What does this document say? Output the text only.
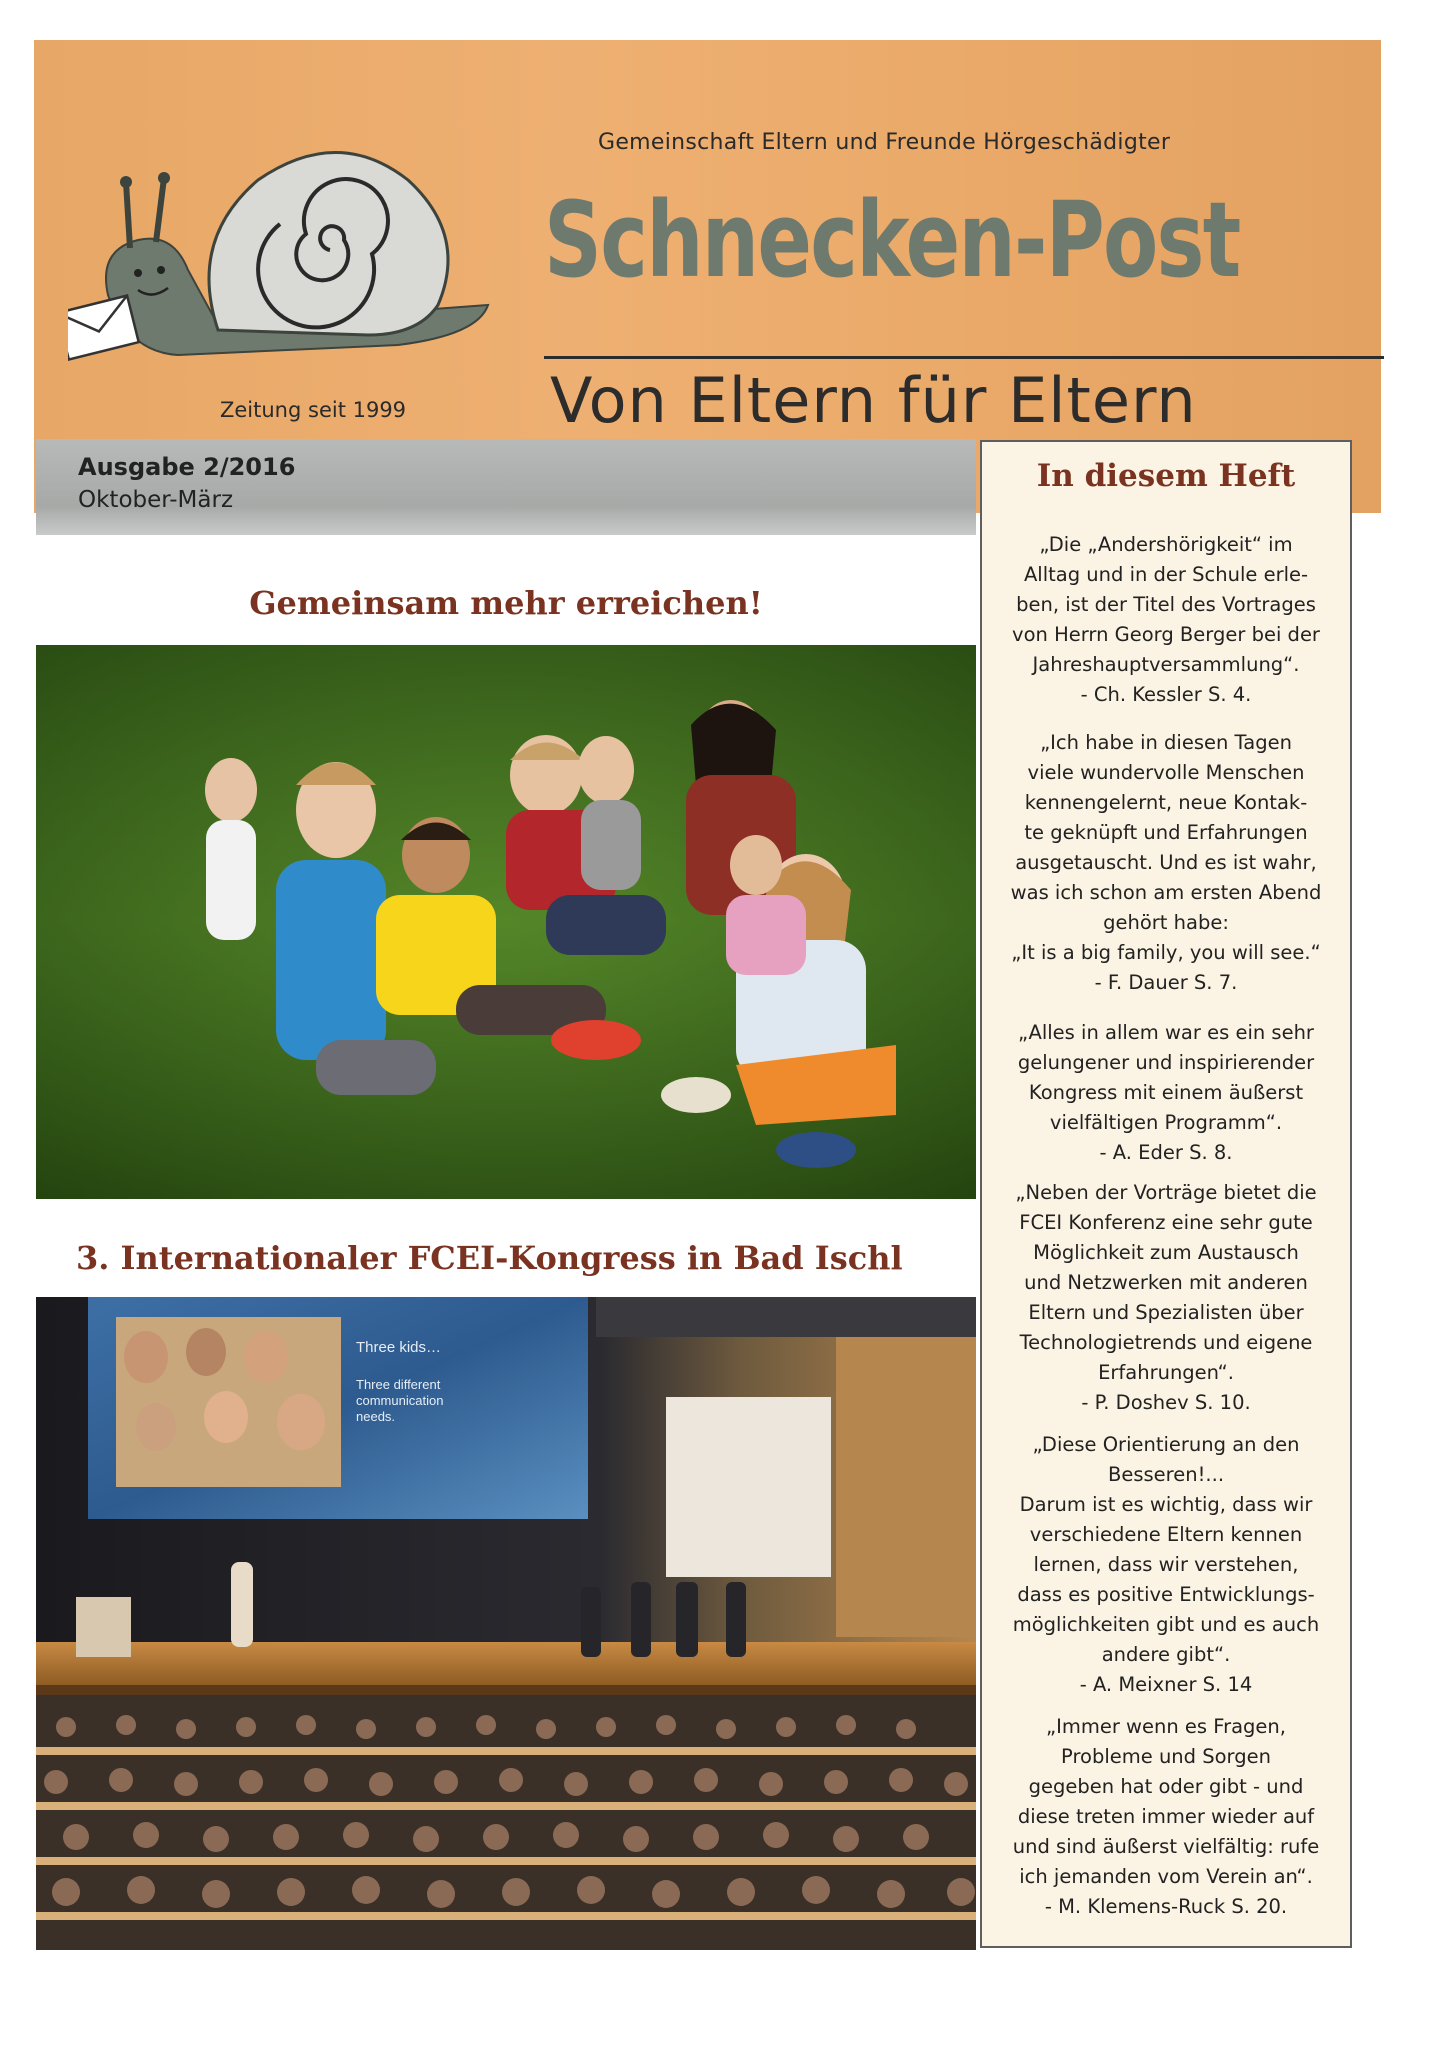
Gemeinschaft Eltern und Freunde Hörgeschädigter
Schnecken-Post
Von Eltern für Eltern
Zeitung seit 1999
Ausgabe 2/2016
Oktober-März
Gemeinsam mehr erreichen!
3. Internationaler FCEI-Kongress in Bad Ischl
Three kids…
Three different
communication
needs.
In diesem Heft

„Die „Andershörigkeit“ im

Alltag und in der Schule erle-

ben, ist der Titel des Vortrages

von Herrn Georg Berger bei der

Jahreshauptversammlung“.

- Ch. Kessler S. 4.

„Ich habe in diesen Tagen

viele wundervolle Menschen

kennengelernt, neue Kontak-

te geknüpft und Erfahrungen

ausgetauscht. Und es ist wahr,

was ich schon am ersten Abend

gehört habe:

„It is a big family, you will see.“

- F. Dauer S. 7.

„Alles in allem war es ein sehr

gelungener und inspirierender

Kongress mit einem äußerst

vielfältigen Programm“.

- A. Eder S. 8.

„Neben der Vorträge bietet die

FCEI Konferenz eine sehr gute

Möglichkeit zum Austausch

und Netzwerken mit anderen

Eltern und Spezialisten über

Technologietrends und eigene

Erfahrungen“.

- P. Doshev S. 10.

„Diese Orientierung an den

Besseren!...

Darum ist es wichtig, dass wir

verschiedene Eltern kennen

lernen, dass wir verstehen,

dass es positive Entwicklungs-

möglichkeiten gibt und es auch

andere gibt“.

- A. Meixner S. 14

„Immer wenn es Fragen,

Probleme und Sorgen

gegeben hat oder gibt - und

diese treten immer wieder auf

und sind äußerst vielfältig: rufe

ich jemanden vom Verein an“.

- M. Klemens-Ruck S. 20.
